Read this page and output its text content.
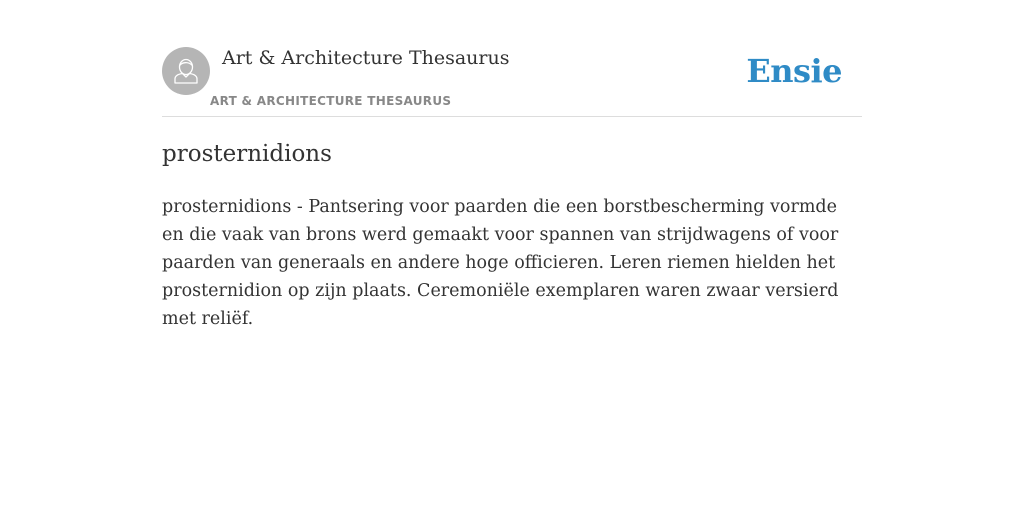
Art & Architecture Thesaurus
ART & ARCHITECTURE THESAURUS
Ensie
prosternidions

prosternidions - Pantsering voor paarden die een borstbescherming vormde en die vaak van brons werd gemaakt voor spannen van strijdwagens of voor paarden van generaals en andere hoge officieren. Leren riemen hielden het prosternidion op zijn plaats. Ceremoniële exemplaren waren zwaar versierd met reliëf.
